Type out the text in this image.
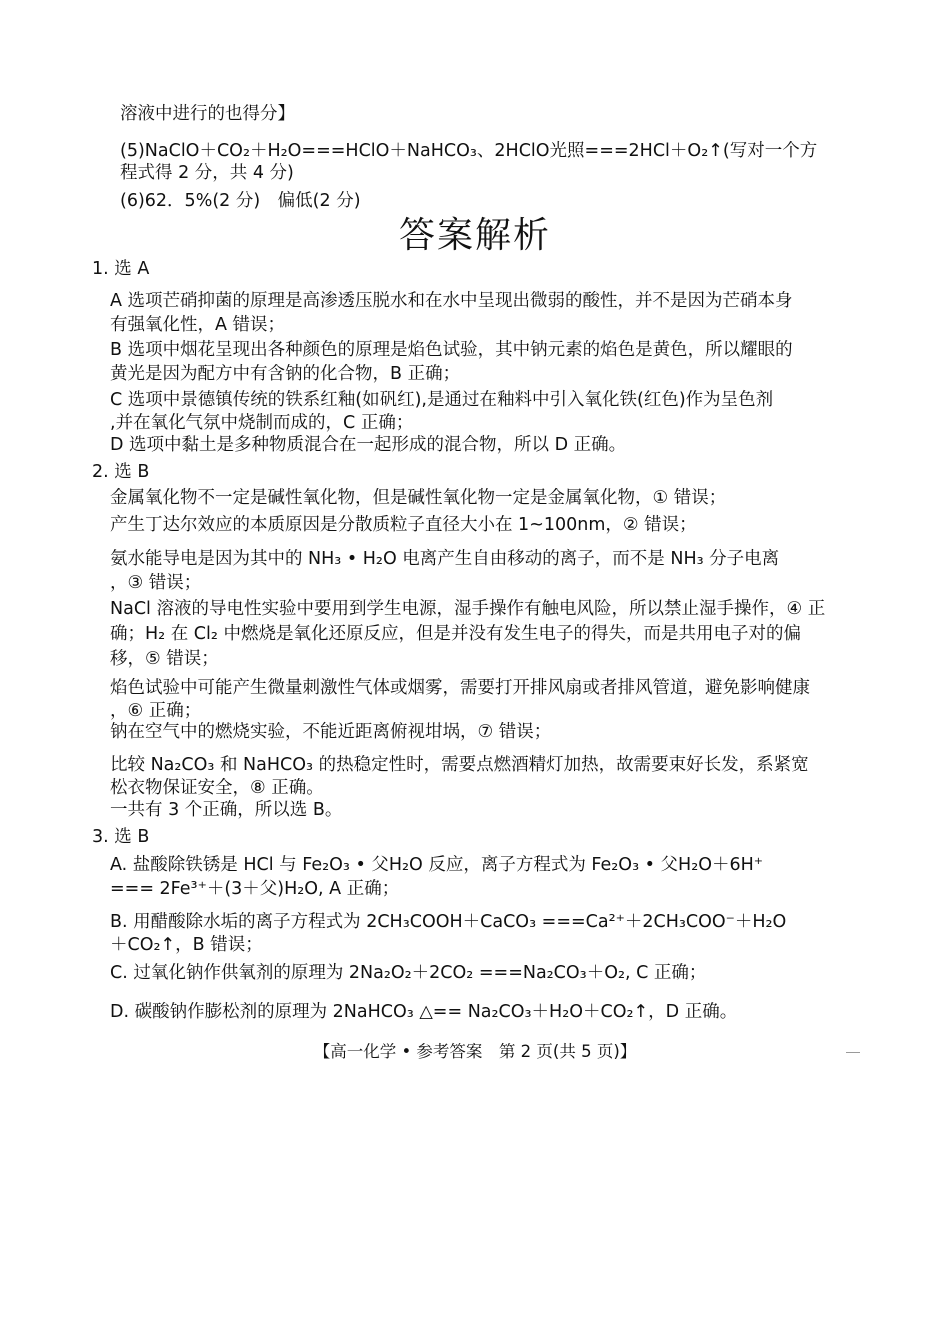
溶液中进行的也得分】
(5)NaClO＋CO₂＋H₂O===HClO＋NaHCO₃、2HClO光照===2HCl＋O₂↑(写对一个方
程式得 2 分，共 4 分)
(6)62．5%(2 分)　偏低(2 分)
答案解析
1. 选 A
A 选项芒硝抑菌的原理是高渗透压脱水和在水中呈现出微弱的酸性，并不是因为芒硝本身
有强氧化性，A 错误；
B 选项中烟花呈现出各种颜色的原理是焰色试验，其中钠元素的焰色是黄色，所以耀眼的
黄光是因为配方中有含钠的化合物，B 正确；
C 选项中景德镇传统的铁系红釉(如矾红),是通过在釉料中引入氧化铁(红色)作为呈色剂
,并在氧化气氛中烧制而成的，C 正确；
D 选项中黏土是多种物质混合在一起形成的混合物，所以 D 正确。
2. 选 B
金属氧化物不一定是碱性氧化物，但是碱性氧化物一定是金属氧化物，① 错误；
产生丁达尔效应的本质原因是分散质粒子直径大小在 1~100nm，② 错误；
氨水能导电是因为其中的 NH₃ • H₂O 电离产生自由移动的离子，而不是 NH₃ 分子电离
，③ 错误；
NaCl 溶液的导电性实验中要用到学生电源，湿手操作有触电风险，所以禁止湿手操作，④ 正
确；H₂ 在 Cl₂ 中燃烧是氧化还原反应，但是并没有发生电子的得失，而是共用电子对的偏
移，⑤ 错误；
焰色试验中可能产生微量刺激性气体或烟雾，需要打开排风扇或者排风管道，避免影响健康
，⑥ 正确；
钠在空气中的燃烧实验，不能近距离俯视坩埚，⑦ 错误；
比较 Na₂CO₃ 和 NaHCO₃ 的热稳定性时，需要点燃酒精灯加热，故需要束好长发，系紧宽
松衣物保证安全，⑧ 正确。
一共有 3 个正确，所以选 B。
3. 选 B
A. 盐酸除铁锈是 HCl 与 Fe₂O₃ • 父H₂O 反应，离子方程式为 Fe₂O₃ • 父H₂O＋6H⁺
=== 2Fe³⁺＋(3＋父)H₂O, A 正确；
B. 用醋酸除水垢的离子方程式为 2CH₃COOH＋CaCO₃ ===Ca²⁺＋2CH₃COO⁻＋H₂O
＋CO₂↑，B 错误；
C. 过氧化钠作供氧剂的原理为 2Na₂O₂＋2CO₂ ===Na₂CO₃＋O₂, C 正确；
D. 碳酸钠作膨松剂的原理为 2NaHCO₃ △== Na₂CO₃＋H₂O＋CO₂↑，D 正确。
【高一化学 • 参考答案　第 2 页(共 5 页)】
